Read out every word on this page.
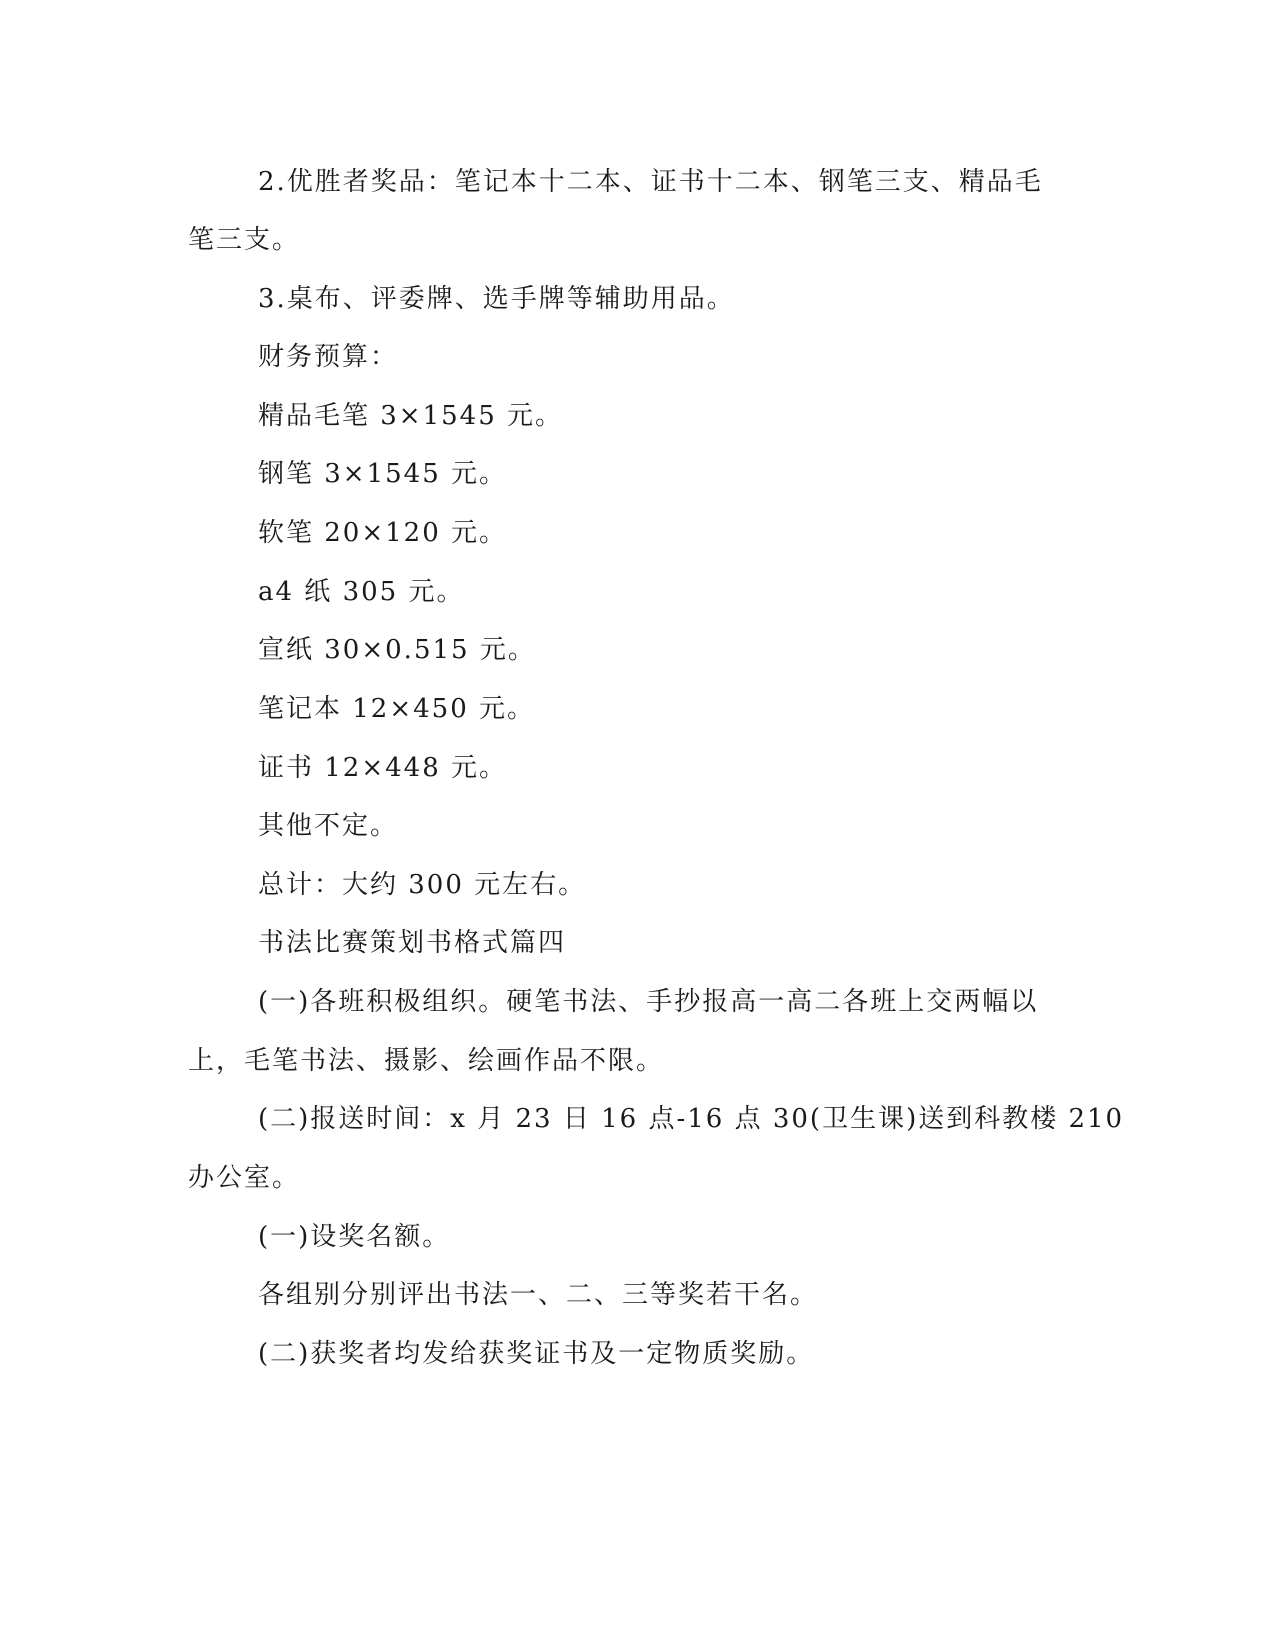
2.优胜者奖品：笔记本十二本、证书十二本、钢笔三支、精品毛
笔三支。
3.桌布、评委牌、选手牌等辅助用品。
财务预算：
精品毛笔 3×1545 元。
钢笔 3×1545 元。
软笔 20×120 元。
a4 纸 305 元。
宣纸 30×0.515 元。
笔记本 12×450 元。
证书 12×448 元。
其他不定。
总计：大约 300 元左右。
书法比赛策划书格式篇四
(一)各班积极组织。硬笔书法、手抄报高一高二各班上交两幅以
上，毛笔书法、摄影、绘画作品不限。
(二)报送时间：x 月 23 日 16 点-16 点 30(卫生课)送到科教楼 210
办公室。
(一)设奖名额。
各组别分别评出书法一、二、三等奖若干名。
(二)获奖者均发给获奖证书及一定物质奖励。
